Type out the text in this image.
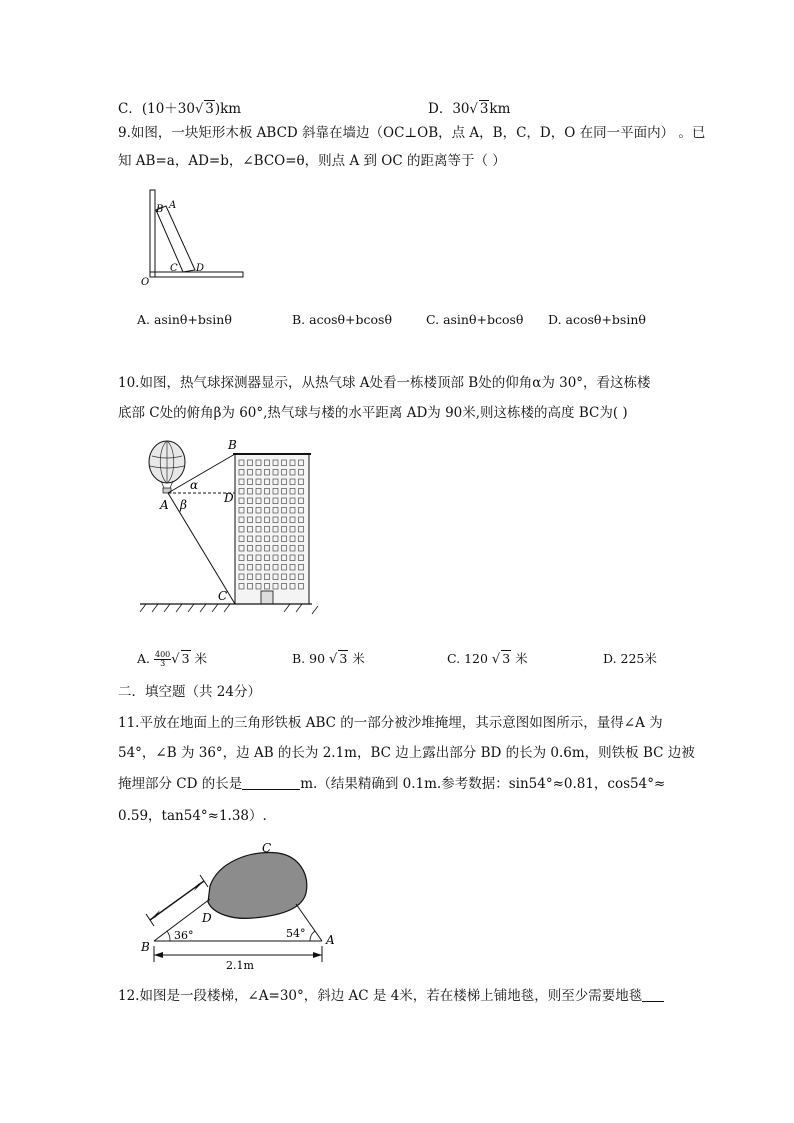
C．(10＋30√ 3)km	D．30√ 3km
9.如图，一块矩形木板 ABCD 斜靠在墙边（OC⊥OB，点 A，B，C，D，O 在同一平面内） 。已
知 AB=a，AD=b，∠BCO=θ，则点 A 到 OC 的距离等于（ ）
B A
C D
O
A. asinθ+bsinθ	B. acosθ+bcosθ	C. asinθ+bcosθ D. acosθ+bsinθ
10.如图，热气球探测器显示，从热气球 A处看一栋楼顶部 B处的仰角α为 30°，看这栋楼
底部 C处的俯角β为 60°,热气球与楼的水平距离 AD为 90米,则这栋楼的高度 BC为( )
B
A	D
C
α
β
A. $\frac{400}{3}$ √ 3 米	B. 90 √ 3 米	C. 120 √ 3 米	D. 225米
二．填空题（共 24分）
11.平放在地面上的三角形铁板 ABC 的一部分被沙堆掩埋，其示意图如图所示，量得∠A 为
54°，∠B 为 36°，边 AB 的长为 2.1m，BC 边上露出部分 BD 的长为 0.6m，则铁板 BC 边被
掩埋部分 CD 的长是	m.（结果精确到 0.1m.参考数据：sin54°≈0.81，cos54°≈
0.59，tan54°≈1.38）.
C
D
B	A
36°	54°
2.1m
12.如图是一段楼梯，∠A=30°，斜边 AC 是 4米，若在楼梯上铺地毯，则至少需要地毯
